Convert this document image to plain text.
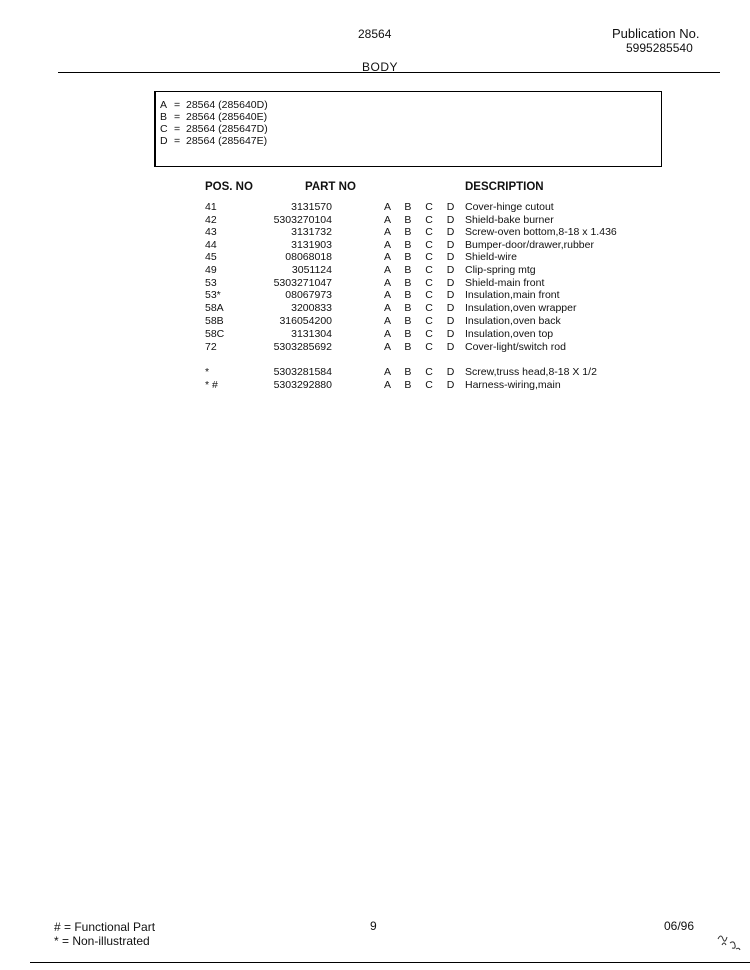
28564	Publication No.
5995285540
BODY
A = 28564 (285640D)
B = 28564 (285640E)
C = 28564 (285647D)
D = 28564 (285647E)
POS. NO	PART NO	DESCRIPTION
41	3131570	A B C D Cover-hinge cutout
42	5303270104	A B C D Shield-bake burner
43	3131732	A B C D Screw-oven bottom,8-18 x 1.436
44	3131903	A B C D Bumper-door/drawer,rubber
45	08068018	A B C D Shield-wire
49	3051124	A B C D Clip-spring mtg
53	5303271047	A B C D Shield-main front
53*	08067973	A B C D Insulation,main front
58A	3200833	A B C D Insulation,oven wrapper
58B	316054200	A B C D Insulation,oven back
58C	3131304	A B C D Insulation,oven top
72	5303285692	A B C D Cover-light/switch rod
*	5303281584	A B C D Screw,truss head,8-18 X 1/2
* #	5303292880	A B C D Harness-wiring,main
# = Functional Part
* = Non-illustrated
9	06/96
